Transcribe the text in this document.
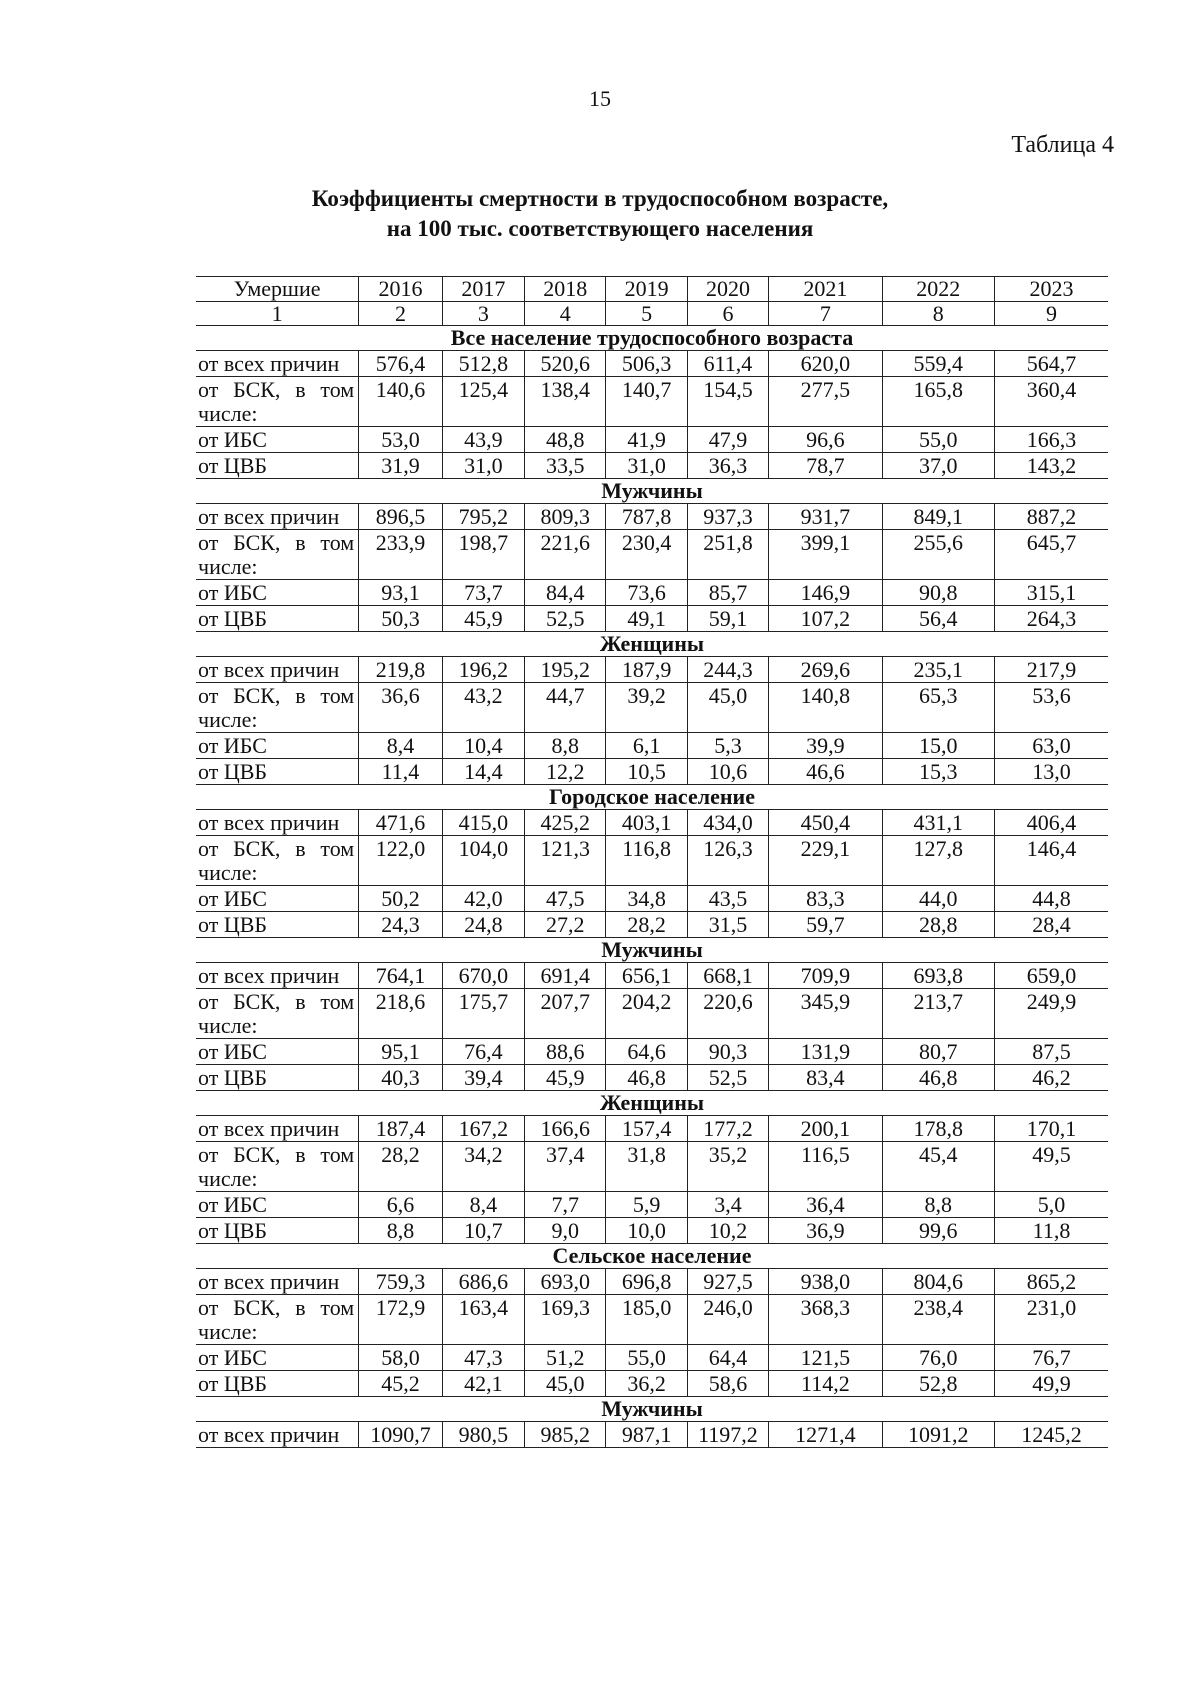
15
Таблица 4
Коэффициенты смертности в трудоспособном возрасте,
на 100 тыс. соответствующего населения
Умершие	2016	2017	2018	2019	2020	2021	2022	2023
1	2	3	4	5	6	7	8	9
Все население трудоспособного возраста								
от всех причин	576,4	512,8	520,6	506,3	611,4	620,0	559,4	564,7
от БСК, в том числе:	140,6	125,4	138,4	140,7	154,5	277,5	165,8	360,4
от ИБС	53,0	43,9	48,8	41,9	47,9	96,6	55,0	166,3
от ЦВБ	31,9	31,0	33,5	31,0	36,3	78,7	37,0	143,2
Мужчины								
от всех причин	896,5	795,2	809,3	787,8	937,3	931,7	849,1	887,2
от БСК, в том числе:	233,9	198,7	221,6	230,4	251,8	399,1	255,6	645,7
от ИБС	93,1	73,7	84,4	73,6	85,7	146,9	90,8	315,1
от ЦВБ	50,3	45,9	52,5	49,1	59,1	107,2	56,4	264,3
Женщины								
от всех причин	219,8	196,2	195,2	187,9	244,3	269,6	235,1	217,9
от БСК, в том числе:	36,6	43,2	44,7	39,2	45,0	140,8	65,3	53,6
от ИБС	8,4	10,4	8,8	6,1	5,3	39,9	15,0	63,0
от ЦВБ	11,4	14,4	12,2	10,5	10,6	46,6	15,3	13,0
Городское население								
от всех причин	471,6	415,0	425,2	403,1	434,0	450,4	431,1	406,4
от БСК, в том числе:	122,0	104,0	121,3	116,8	126,3	229,1	127,8	146,4
от ИБС	50,2	42,0	47,5	34,8	43,5	83,3	44,0	44,8
от ЦВБ	24,3	24,8	27,2	28,2	31,5	59,7	28,8	28,4
Мужчины								
от всех причин	764,1	670,0	691,4	656,1	668,1	709,9	693,8	659,0
от БСК, в том числе:	218,6	175,7	207,7	204,2	220,6	345,9	213,7	249,9
от ИБС	95,1	76,4	88,6	64,6	90,3	131,9	80,7	87,5
от ЦВБ	40,3	39,4	45,9	46,8	52,5	83,4	46,8	46,2
Женщины								
от всех причин	187,4	167,2	166,6	157,4	177,2	200,1	178,8	170,1
от БСК, в том числе:	28,2	34,2	37,4	31,8	35,2	116,5	45,4	49,5
от ИБС	6,6	8,4	7,7	5,9	3,4	36,4	8,8	5,0
от ЦВБ	8,8	10,7	9,0	10,0	10,2	36,9	99,6	11,8
Сельское население								
от всех причин	759,3	686,6	693,0	696,8	927,5	938,0	804,6	865,2
от БСК, в том числе:	172,9	163,4	169,3	185,0	246,0	368,3	238,4	231,0
от ИБС	58,0	47,3	51,2	55,0	64,4	121,5	76,0	76,7
от ЦВБ	45,2	42,1	45,0	36,2	58,6	114,2	52,8	49,9
Мужчины								
от всех причин	1090,7	980,5	985,2	987,1	1197,2	1271,4	1091,2	1245,2
